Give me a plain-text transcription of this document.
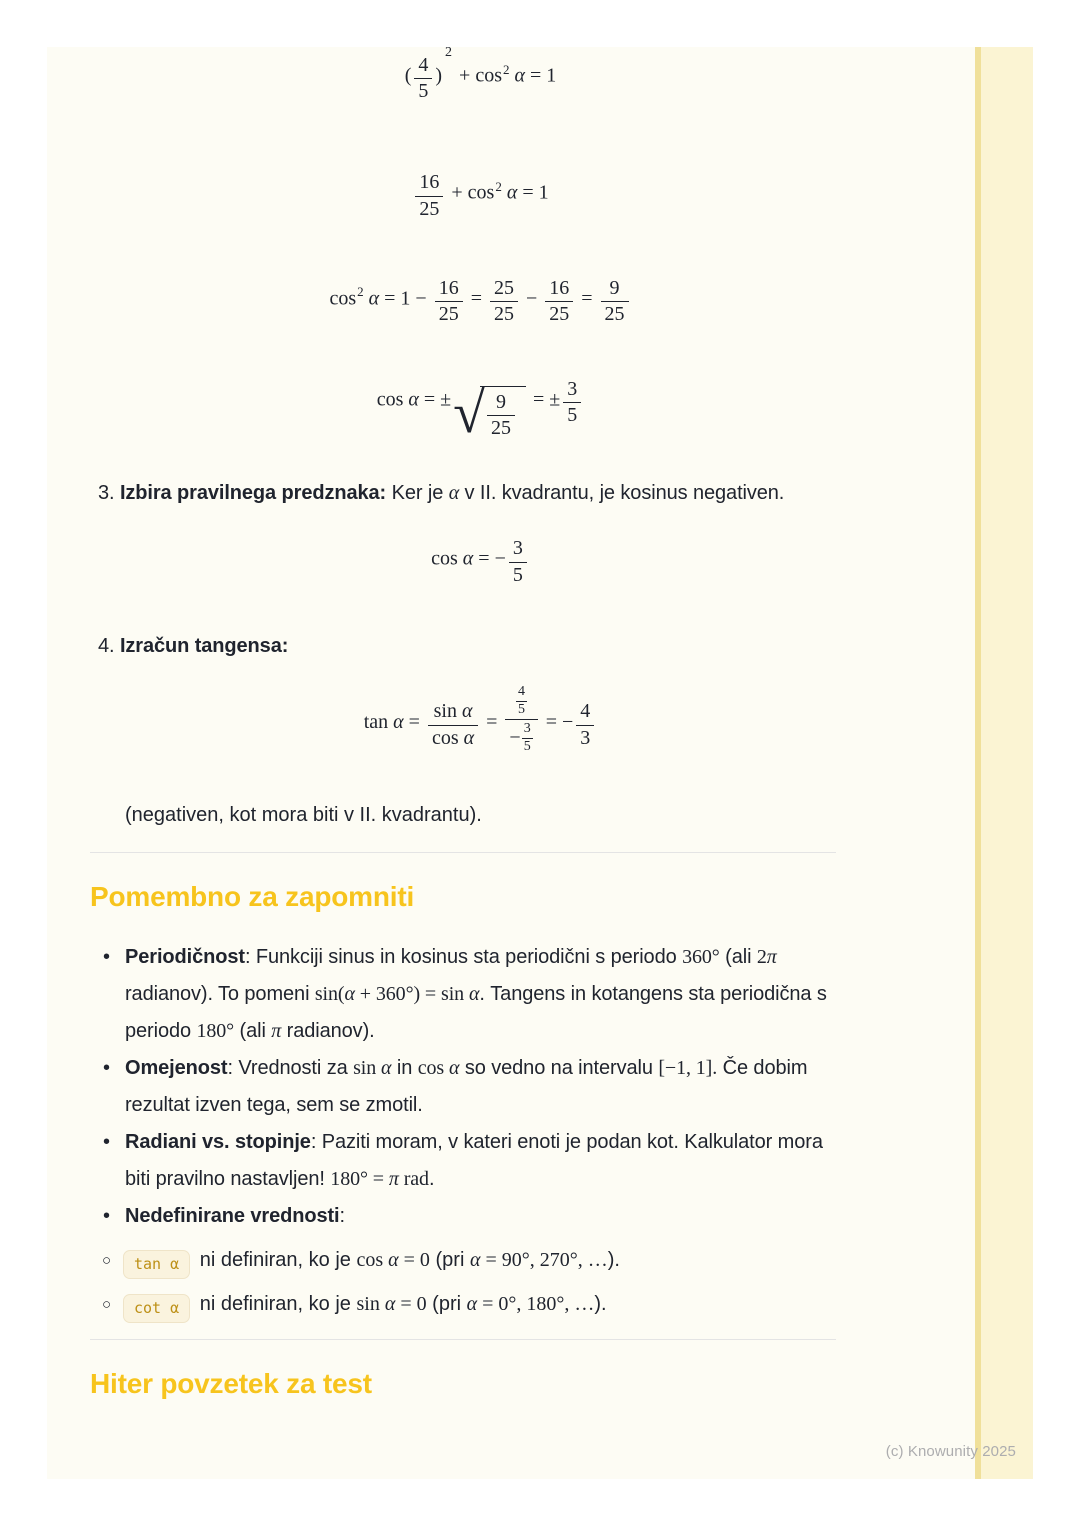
( $\frac{4}{5} )^2 + \cos^2 \alpha = 1$
$\frac{16}{25} + \cos^2 \alpha = 1$
$\cos^2 \alpha = 1 - \frac{16}{25} = \frac{25}{25} - \frac{16}{25} = \frac{9}{25}$
cos α = ± √ $\frac{9}{25}$ = ± $\frac{3}{5}$
3. Izbira pravilnega predznaka: Ker je α v II. kvadrantu, je kosinus negativen.
cos α = − $\frac{3}{5}$
4. Izračun tangensa:
$\tan \alpha = \frac{\text{sin α}}{\text{cos α}} = \frac{\frac{4}{5}}{- \frac{3}{5}}$ = − $\frac{4}{3}$
(negativen, kot mora biti v II. kvadrantu).
Pomembno za zapomniti
• Periodičnost: Funkciji sinus in kosinus sta periodični s periodo 360° (ali 2π radianov). To pomeni sin(α + 360°) = sin α. Tangens in kotangens sta periodična s periodo 180° (ali π radianov).
• Omejenost: Vrednosti za sin α in cos α so vedno na intervalu [−1, 1]. Če dobim rezultat izven tega, sem se zmotil.
• Radiani vs. stopinje: Paziti moram, v kateri enoti je podan kot. Kalkulator mora biti pravilno nastavljen! 180° = π rad.
• Nedefinirane vrednosti:
○	tan α ni definiran, ko je cos α = 0 (pri α = 90°, 270°, …).
○	cot α ni definiran, ko je sin α = 0 (pri α = 0°, 180°, …).
Hiter povzetek za test
(c) Knowunity 2025
